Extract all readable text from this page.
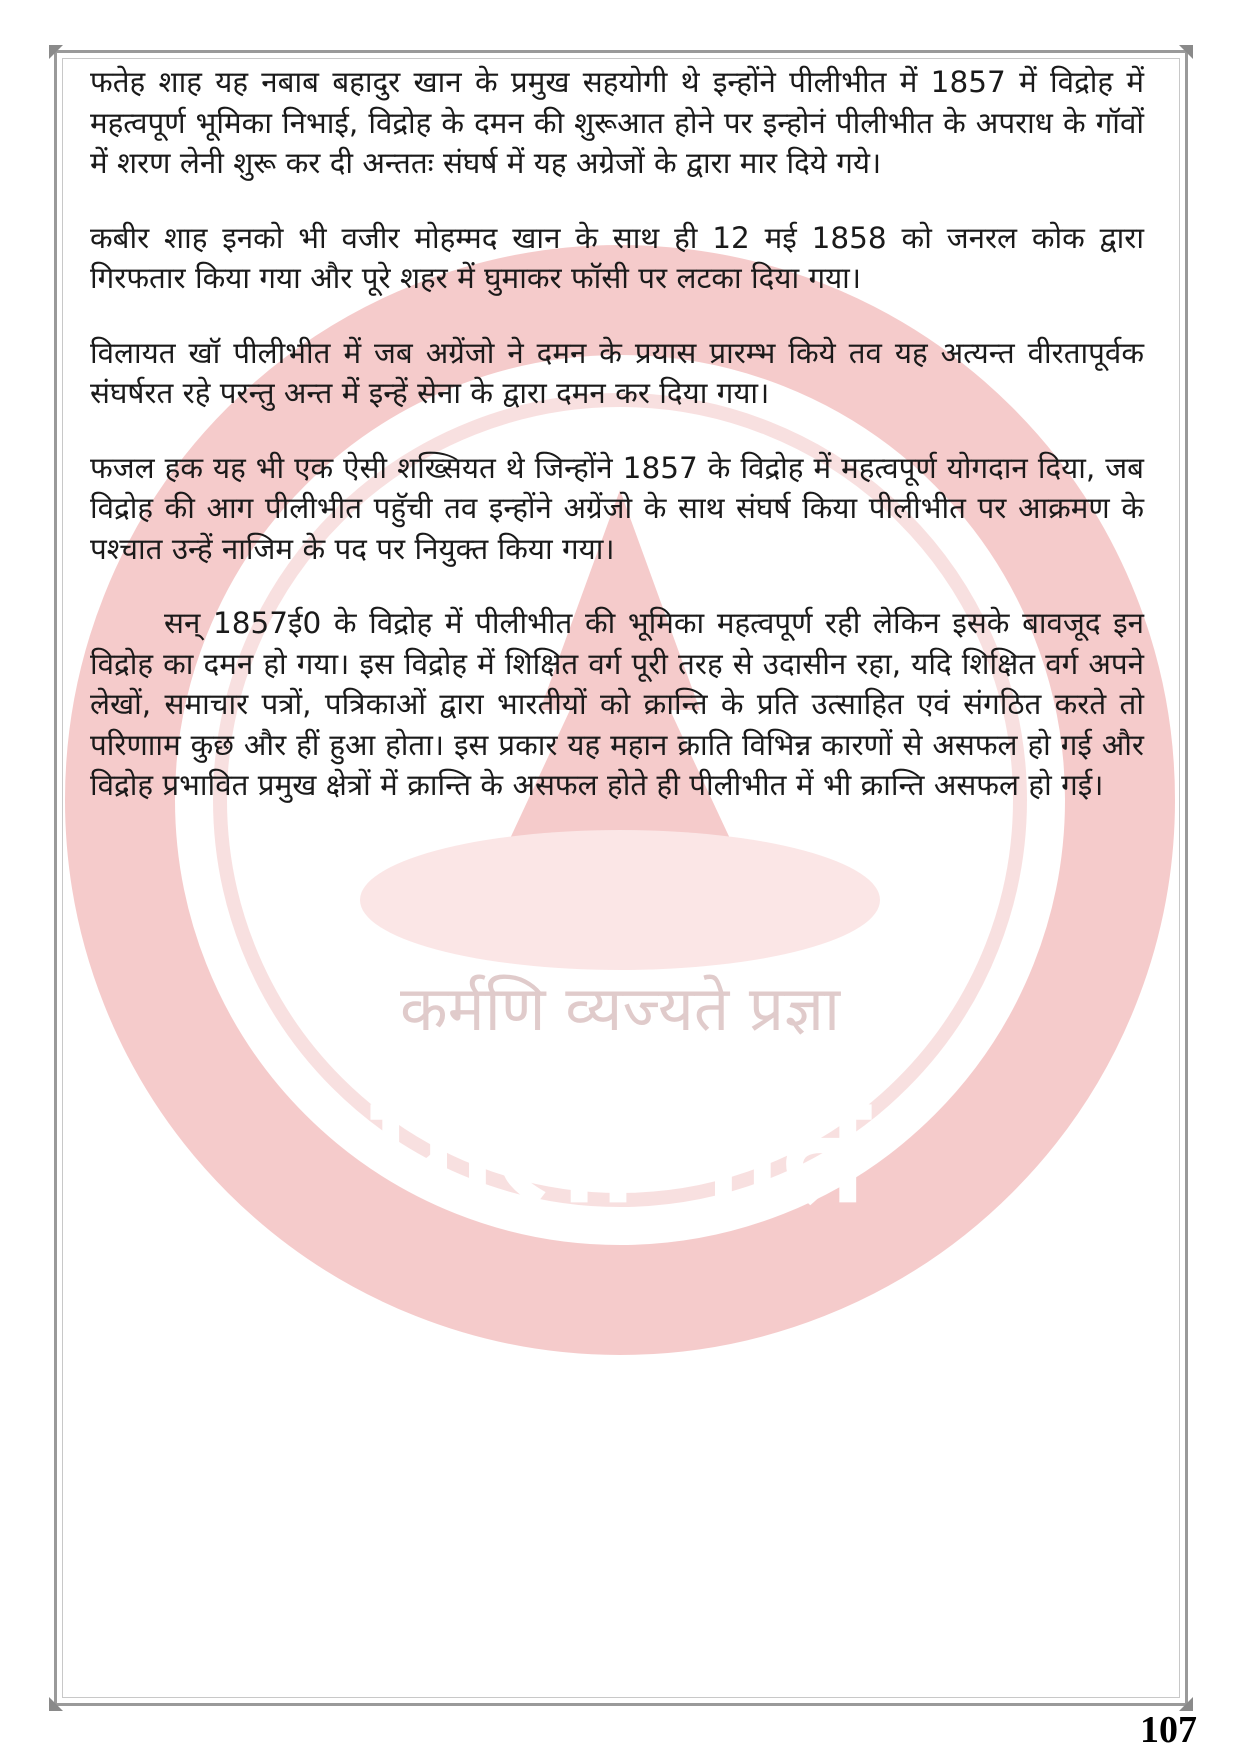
कर्मणि व्यज्यते प्रज्ञा
पीलीभीत

फतेह शाह यह नबाब बहादुर खान के प्रमुख सहयोगी थे इन्होंने पीलीभीत में 1857 में विद्रोह में महत्वपूर्ण भूमिका निभाई, विद्रोह के दमन की शुरूआत होने पर इन्होनं पीलीभीत के अपराध के गॉवों में शरण लेनी शुरू कर दी अन्ततः संघर्ष में यह अग्रेजों के द्वारा मार दिये गये।

कबीर शाह इनको भी वजीर मोहम्मद खान के साथ ही 12 मई 1858 को जनरल कोक द्वारा गिरफतार किया गया और पूरे शहर में घुमाकर फॉसी पर लटका दिया गया।

विलायत खॉ पीलीभीत में जब अग्रेंजो ने दमन के प्रयास प्रारम्भ किये तव यह अत्यन्त वीरतापूर्वक संघर्षरत रहे परन्तु अन्त में इन्हें सेना के द्वारा दमन कर दिया गया।

फजल हक यह भी एक ऐसी शख्सियत थे जिन्होंने 1857 के विद्रोह में महत्वपूर्ण योगदान दिया, जब विद्रोह की आग पीलीभीत पहुॅची तव इन्होंने अग्रेंजो के साथ संघर्ष किया पीलीभीत पर आक्रमण के पश्चात उन्हें नाजिम के पद पर नियुक्त किया गया।

सन् 1857ई0 के विद्रोह में पीलीभीत की भूमिका महत्वपूर्ण रही लेकिन इसके बावजूद इन विद्रोह का दमन हो गया। इस विद्रोह में शिक्षित वर्ग पूरी तरह से उदासीन रहा, यदि शिक्षित वर्ग अपने लेखों, समाचार पत्रों, पत्रिकाओं द्वारा भारतीयों को क्रान्ति के प्रति उत्साहित एवं संगठित करते तो परिणााम कुछ और हीं हुआ होता। इस प्रकार यह महान क्राति विभिन्न कारणों से असफल हो गई और विद्रोह प्रभावित प्रमुख क्षेत्रों में क्रान्ति के असफल होते ही पीलीभीत में भी क्रान्ति असफल हो गई।

107
